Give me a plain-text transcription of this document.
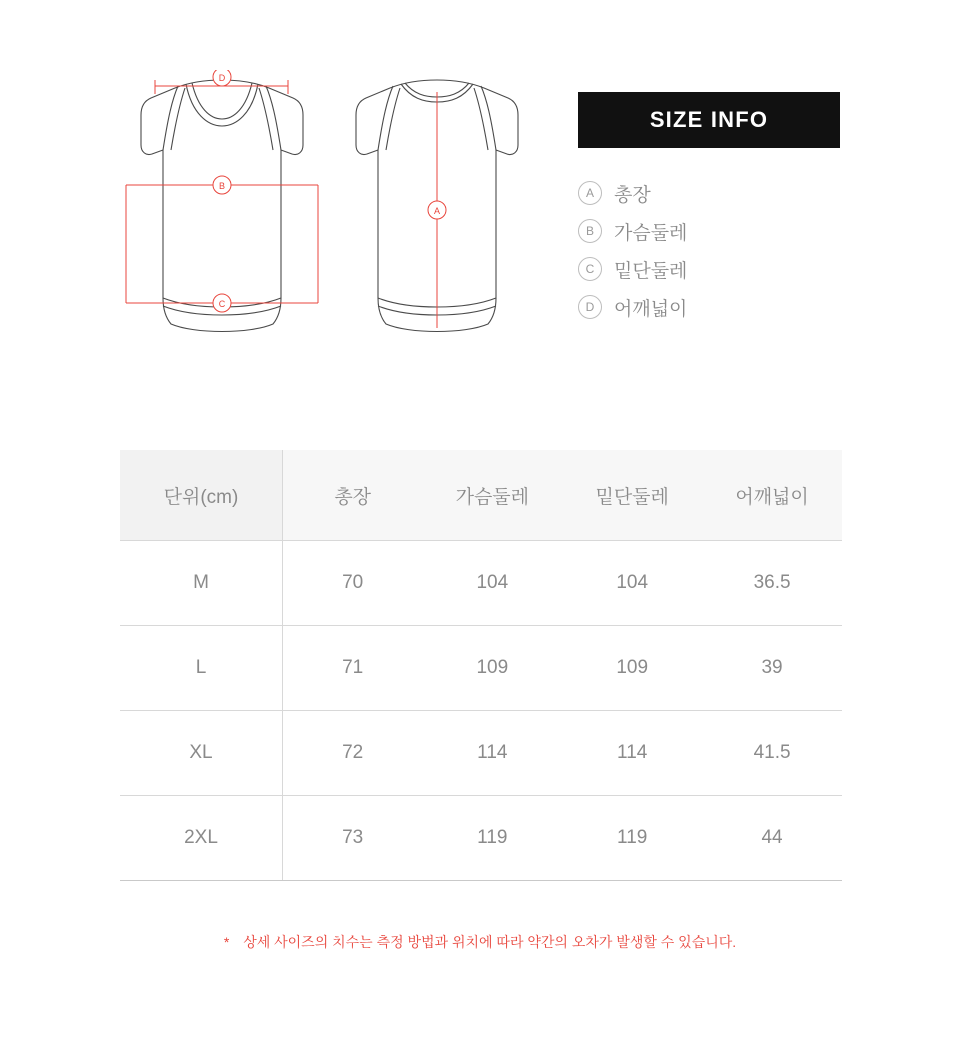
D
B
C
A
SIZE INFO
A	총장
B	가슴둘레
C	밑단둘레
D	어깨넓이
단위(cm)	총장	가슴둘레	밑단둘레	어깨넓이
M	70	104	104	36.5
L	71	109	109	39
XL	72	114	114	41.5
2XL	73	119	119	44
* 상세 사이즈의 치수는 측정 방법과 위치에 따라 약간의 오차가 발생할 수 있습니다.
